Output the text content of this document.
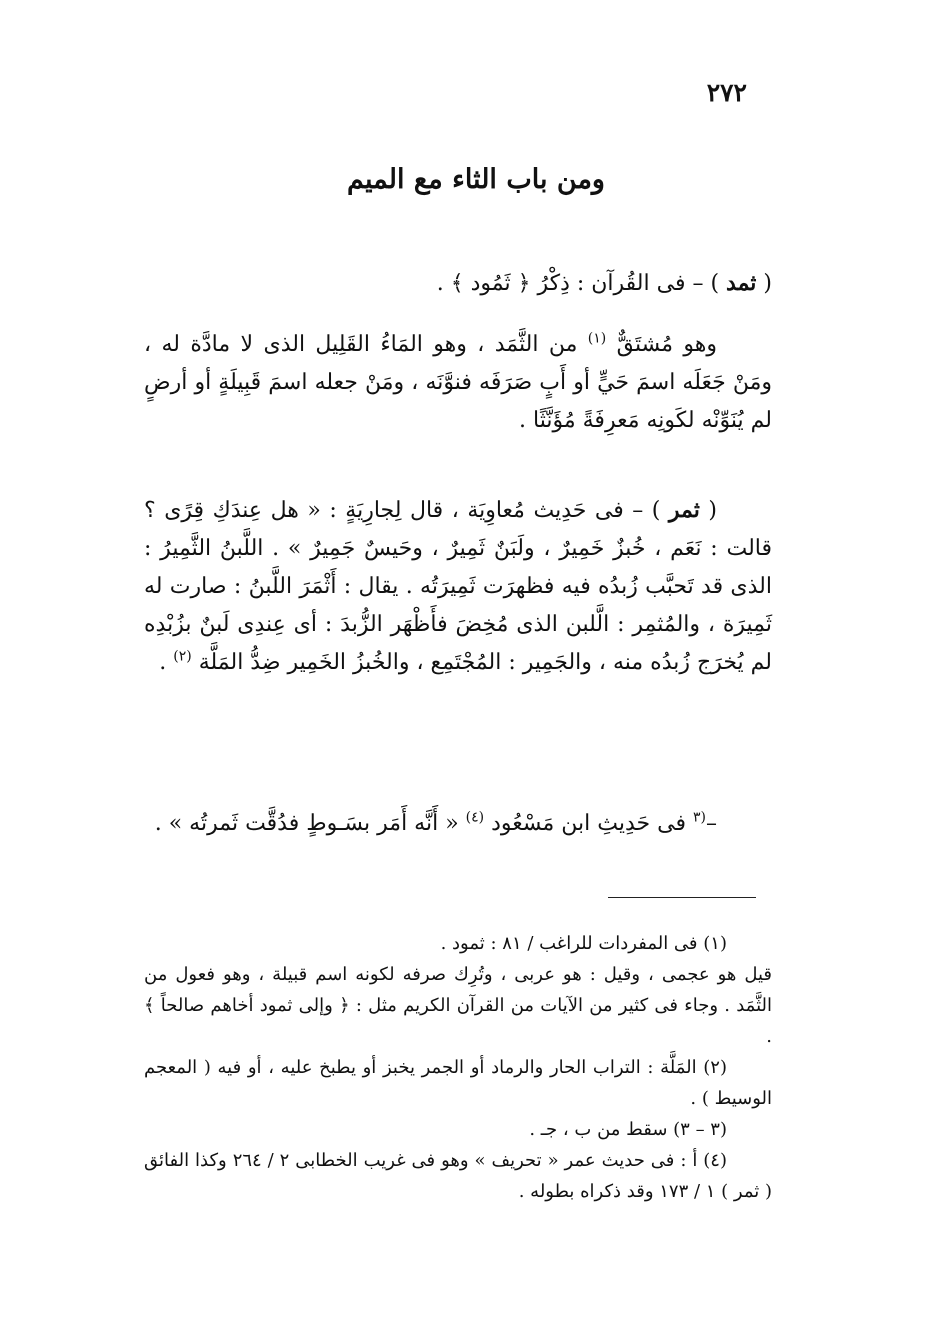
٢٧٢
ومن باب الثاء مع الميم

( ثمد ) – فى القُرآن : ذِكْرُ ﴿ ثَمُود ﴾ .

وهو مُشتَقٌّ $^{(١)}$ من الثَّمَد ، وهو المَاءُ القَلِيل الذى لا مادَّة له ، ومَنْ جَعَلَه اسمَ حَيٍّ أو أَبٍ صَرَفَه فنوَّنَه ، ومَنْ جعله اسمَ قَبِيلَةٍ أو أرضٍ لم يُنَوِّنْه لكَونِه مَعرِفَةً مُؤَنَّثًا .

( ثمر ) – فى حَدِيث مُعاوِيَة ، قال لِجارِيَةٍ : « هل عِندَكِ قِرًى ؟ قالت : نَعَم ، خُبزٌ خَمِيرٌ ، ولَبَنٌ ثَمِيرٌ ، وحَيسٌ جَمِيرٌ » . اللَّبنُ الثَّمِيرُ : الذى قد تَحبَّب زُبدُه فيه فظهرَت ثَمِيرَتُه . يقال : أَثْمَرَ اللَّبنُ : صارت له ثَمِيرَة ، والمُثمِر : الَّلبن الذى مُخِضَ فأَظْهَر الزُّبدَ : أى عِندِى لَبنٌ بزُبْدِه لم يُخرَج زُبدُه منه ، والجَمِير : المُجْتَمِع ، والخُبزُ الخَمِير ضِدُّ المَلَّة $^{(٢)}$ .

–$^{(٣}$ فى حَدِيثِ ابن مَسْعُود $^{(٤)}$ « أَنَّه أَمَر بسَـوطٍ فدُقَّت ثَمرتُه » .

(١) فى المفردات للراغب / ٨١ : ثمود .

قيل هو عجمى ، وقيل : هو عربى ، وتُرِك صرفه لكونه اسم قبيلة ، وهو فعول من الثَّمَد . وجاء فى كثير من الآيات من القرآن الكريم مثل : ﴿ وإلى ثمود أخاهم صالحاً ﴾ .

(٢) المَلَّة : التراب الحار والرماد أو الجمر يخبز أو يطبخ عليه ، أو فيه ( المعجم الوسيط ) .

(٣ – ٣) سقط من ب ، جـ .

(٤) أ : فى حديث عمر « تحريف » وهو فى غريب الخطابى ٢ / ٢٦٤ وكذا الفائق ( ثمر ) ١ / ١٧٣ وقد ذكراه بطوله .
